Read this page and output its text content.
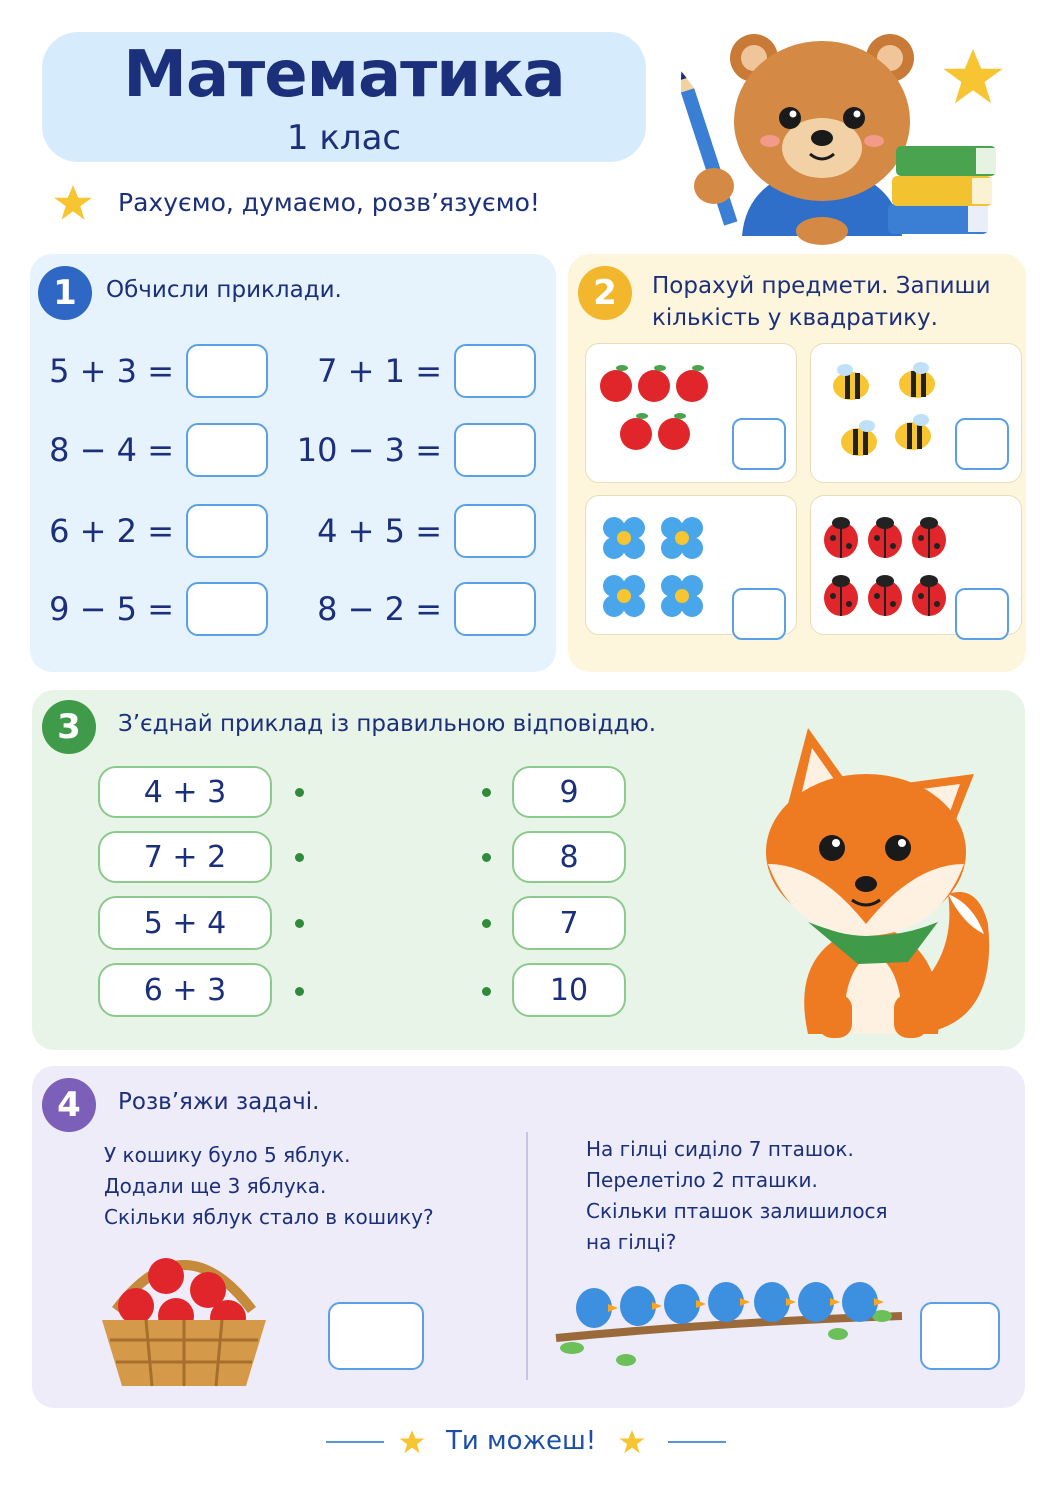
Математика
1 клас
Рахуємо, думаємо, розв’язуємо!
1	Обчисли приклади.
5 + 3 =	7 + 1 =
8 − 4 =	10 − 3 =
6 + 2 =	4 + 5 =
9 − 5 =	8 − 2 =
2	Порахуй предмети. Запиши
кількість у квадратику.
3	З’єднай приклад із правильною відповіддю.
4 + 3
7 + 2
5 + 4
6 + 3
9
8
7
10
4	Розв’яжи задачі.
У кошику було 5 яблук.
Додали ще 3 яблука.
Скільки яблук стало в кошику?
На гілці сиділо 7 пташок.
Перелетіло 2 пташки.
Скільки пташок залишилося
на гілці?
Ти можеш!
